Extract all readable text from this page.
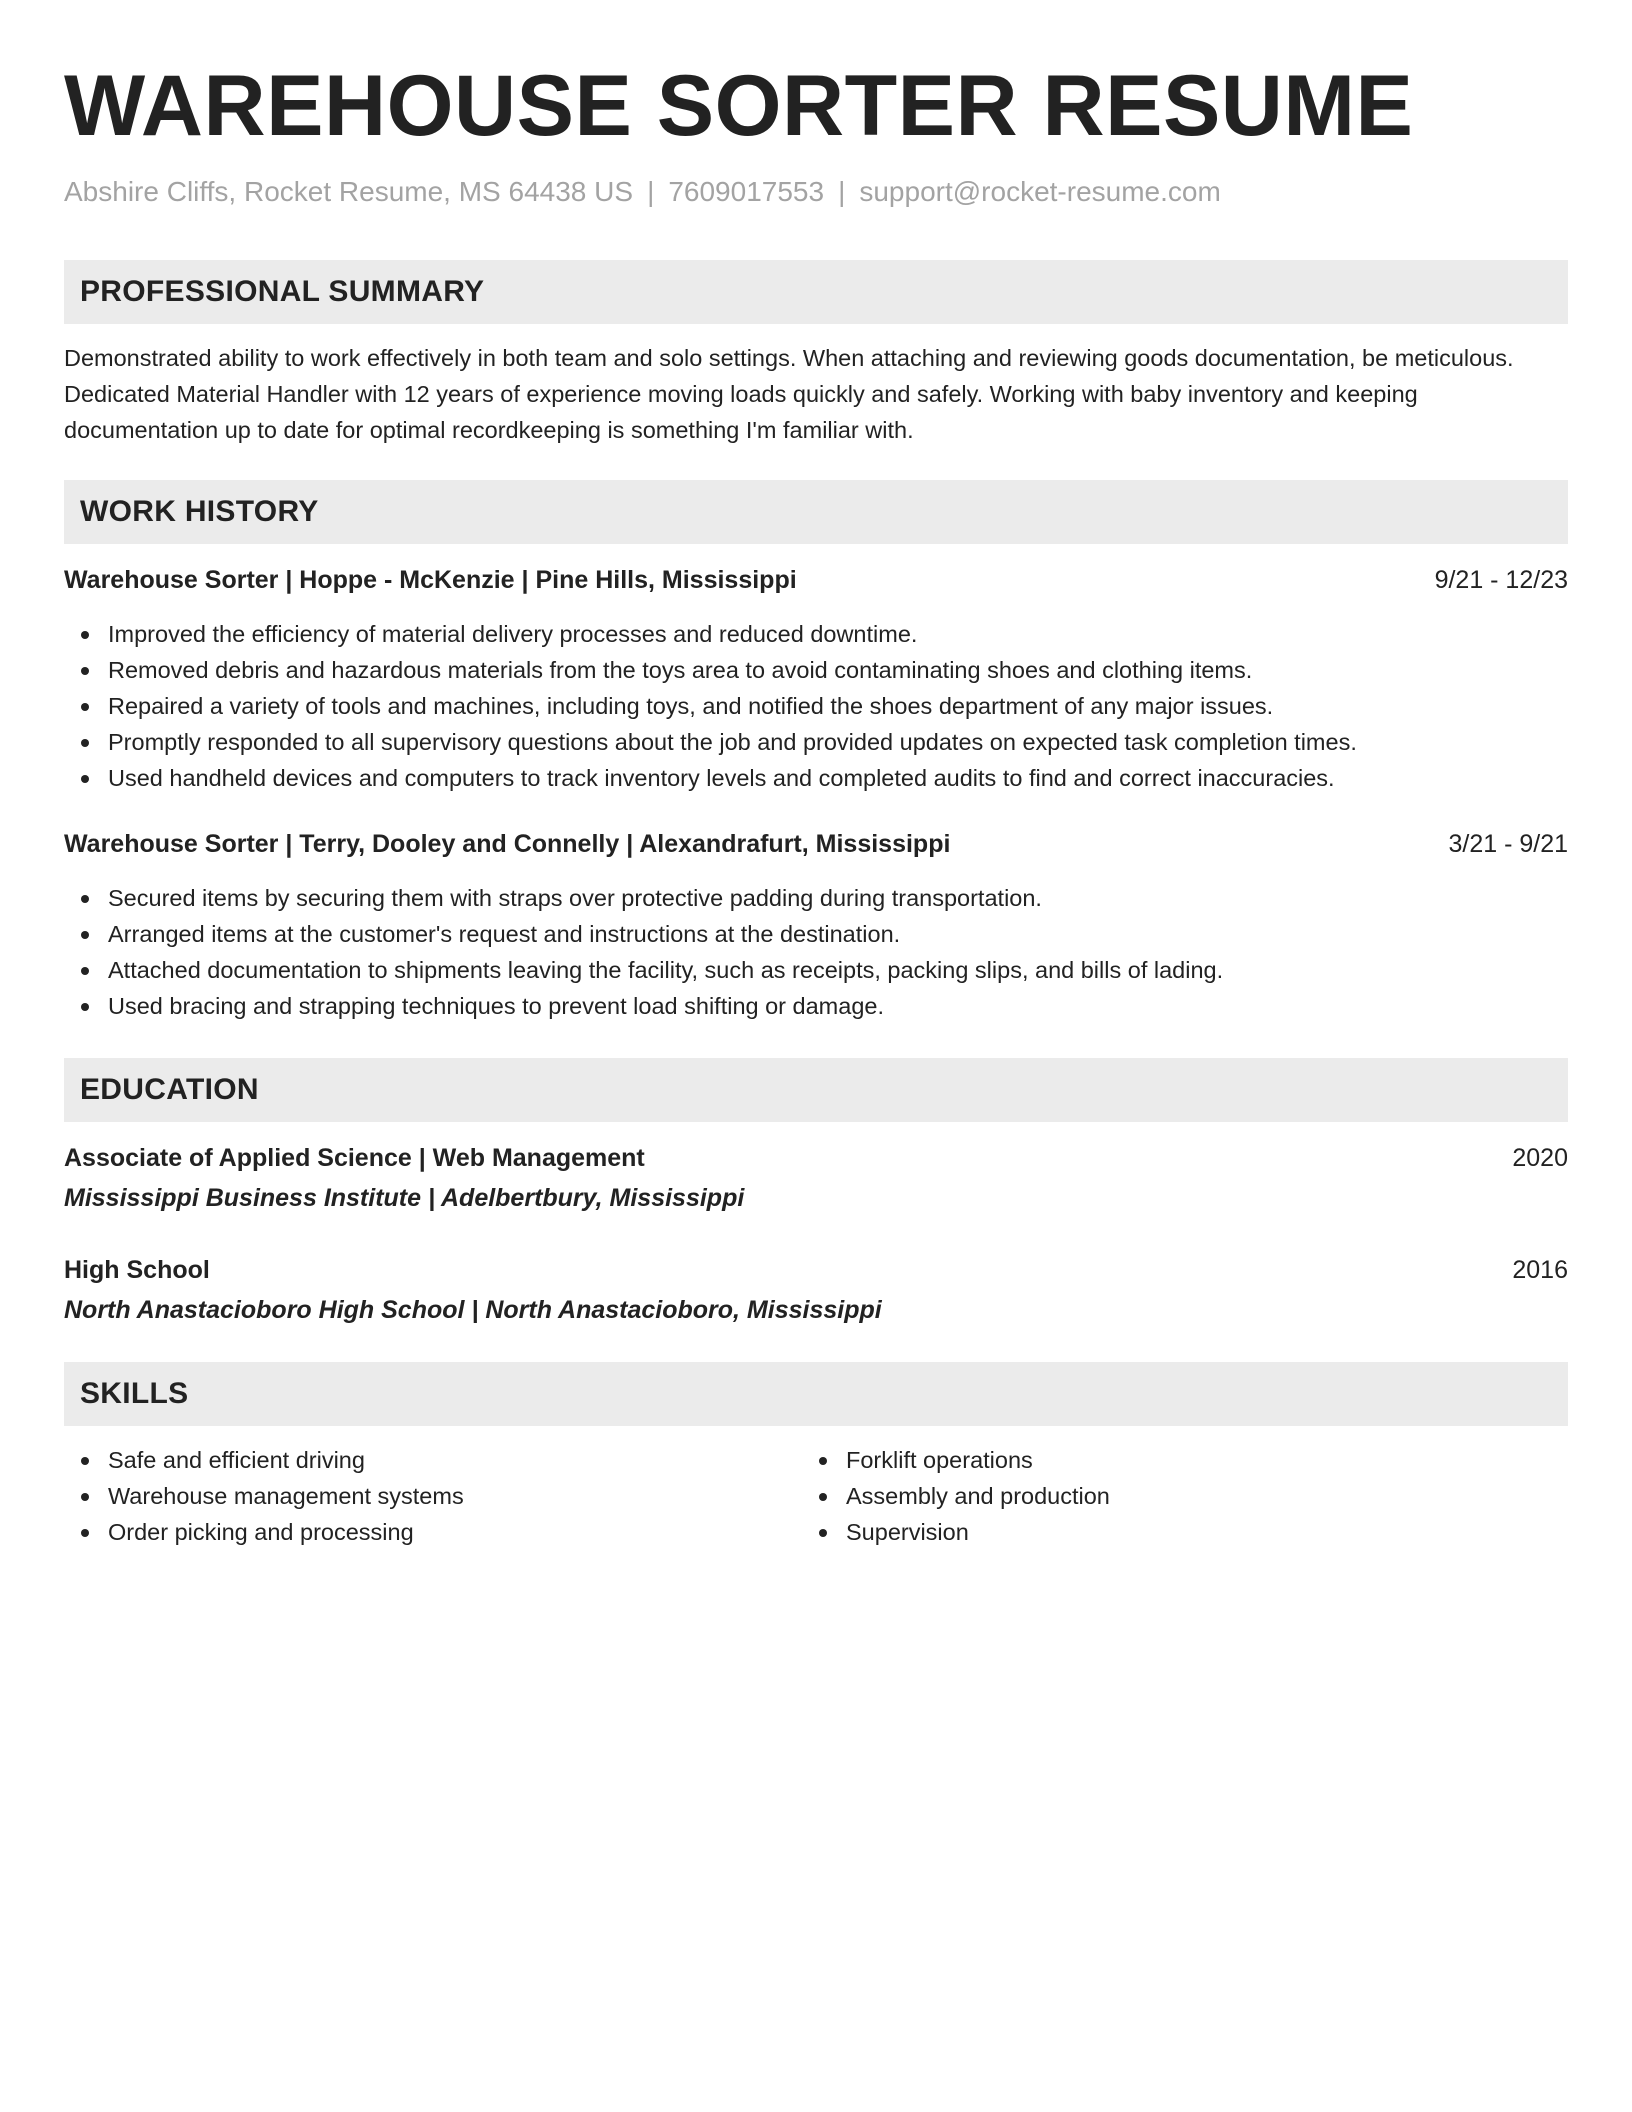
WAREHOUSE SORTER RESUME
Abshire Cliffs, Rocket Resume, MS 64438 US | 7609017553 | support@rocket-resume.com
PROFESSIONAL SUMMARY

Demonstrated ability to work effectively in both team and solo settings. When attaching and reviewing goods documentation, be meticulous. Dedicated Material Handler with 12 years of experience moving loads quickly and safely. Working with baby inventory and keeping documentation up to date for optimal recordkeeping is something I'm familiar with.

WORK HISTORY
Warehouse Sorter | Hoppe - McKenzie | Pine Hills, Mississippi	9/21 - 12/23
Improved the efficiency of material delivery processes and reduced downtime.
Removed debris and hazardous materials from the toys area to avoid contaminating shoes and clothing items.
Repaired a variety of tools and machines, including toys, and notified the shoes department of any major issues.
Promptly responded to all supervisory questions about the job and provided updates on expected task completion times.
Used handheld devices and computers to track inventory levels and completed audits to find and correct inaccuracies.
Warehouse Sorter | Terry, Dooley and Connelly | Alexandrafurt, Mississippi	3/21 - 9/21
Secured items by securing them with straps over protective padding during transportation.
Arranged items at the customer's request and instructions at the destination.
Attached documentation to shipments leaving the facility, such as receipts, packing slips, and bills of lading.
Used bracing and strapping techniques to prevent load shifting or damage.
EDUCATION
Associate of Applied Science | Web Management	2020
Mississippi Business Institute | Adelbertbury, Mississippi
High School	2016
North Anastacioboro High School | North Anastacioboro, Mississippi
SKILLS
Safe and efficient driving
Warehouse management systems
Order picking and processing
Forklift operations
Assembly and production
Supervision
